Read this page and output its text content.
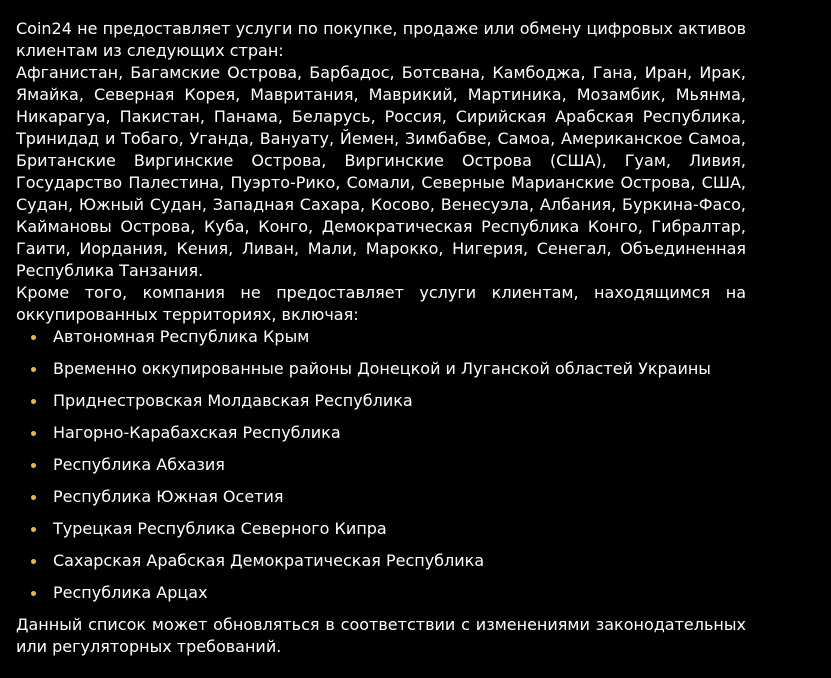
Coin24 не предоставляет услуги по покупке, продаже или обмену цифровых активов клиентам из следующих стран:

Афганистан, Багамские Острова, Барбадос, Ботсвана, Камбоджа, Гана, Иран, Ирак, Ямайка, Северная Корея, Мавритания, Маврикий, Мартиника, Мозамбик, Мьянма, Никарагуа, Пакистан, Панама, Беларусь, Россия, Сирийская Арабская Республика, Тринидад и Тобаго, Уганда, Вануату, Йемен, Зимбабве, Самоа, Американское Самоа, Британские Виргинские Острова, Виргинские Острова (США), Гуам, Ливия, Государство Палестина, Пуэрто-Рико, Сомали, Северные Марианские Острова, США, Судан, Южный Судан, Западная Сахара, Косово, Венесуэла, Албания, Буркина-Фасо, Каймановы Острова, Куба, Конго, Демократическая Республика Конго, Гибралтар, Гаити, Иордания, Кения, Ливан, Мали, Марокко, Нигерия, Сенегал, Объединенная Республика Танзания.

Кроме того, компания не предоставляет услуги клиентам, находящимся на оккупированных территориях, включая:

Автономная Республика Крым
Временно оккупированные районы Донецкой и Луганской областей Украины
Приднестровская Молдавская Республика
Нагорно-Карабахская Республика
Республика Абхазия
Республика Южная Осетия
Турецкая Республика Северного Кипра
Сахарская Арабская Демократическая Республика
Республика Арцах

Данный список может обновляться в соответствии с изменениями законодательных или регуляторных требований.
